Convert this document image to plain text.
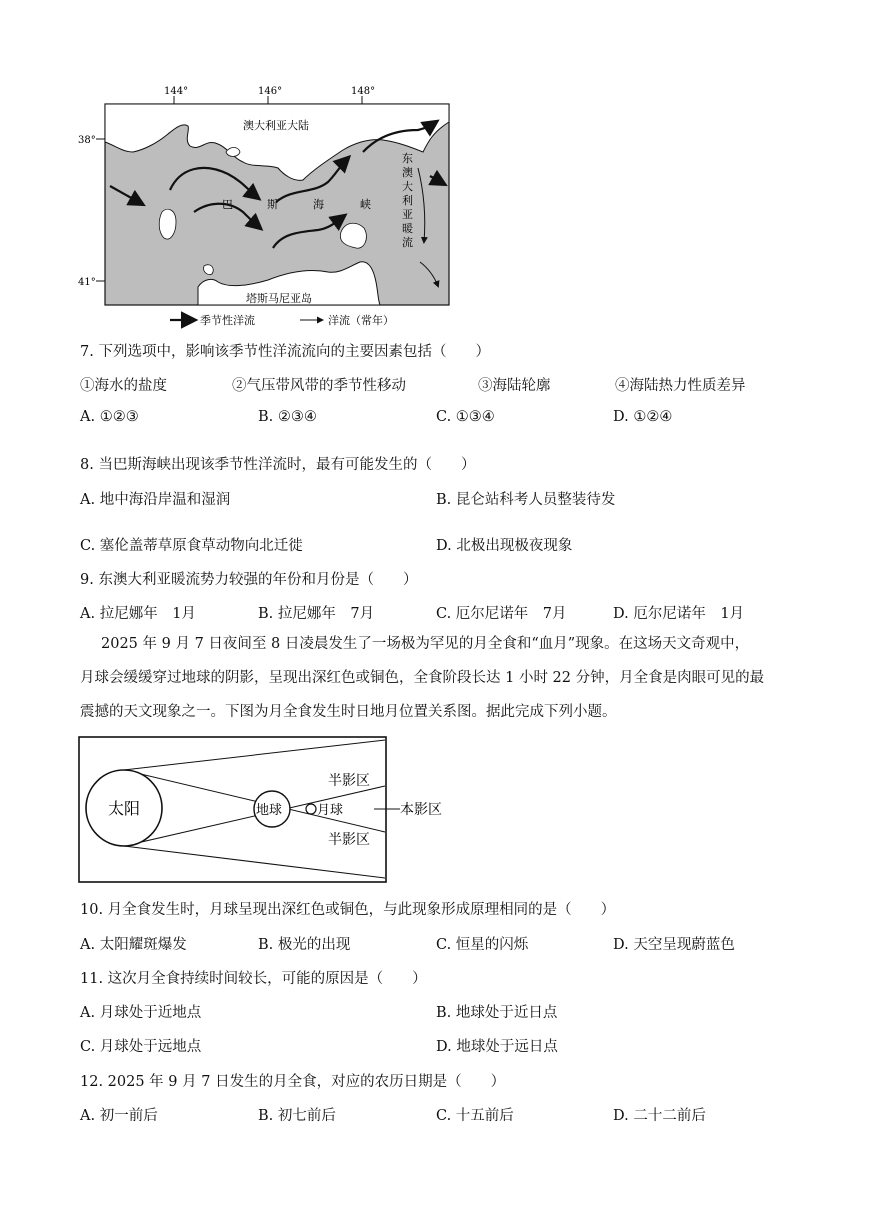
144°	146°	148°
38°
41°
澳大利亚大陆
巴	斯	海	峡
东
澳
大
利
亚
暖
流
塔斯马尼亚岛
季节性洋流	洋流（常年）
7. 下列选项中，影响该季节性洋流流向的主要因素包括（　　）
①海水的盐度	②气压带风带的季节性移动	③海陆轮廓	④海陆热力性质差异
A. ①②③	B. ②③④	C. ①③④	D. ①②④
8. 当巴斯海峡出现该季节性洋流时，最有可能发生的（　　）
A. 地中海沿岸温和湿润	B. 昆仑站科考人员整装待发
C. 塞伦盖蒂草原食草动物向北迁徙	D. 北极出现极夜现象
9. 东澳大利亚暖流势力较强的年份和月份是（　　）
A. 拉尼娜年　1月	B. 拉尼娜年　7月	C. 厄尔尼诺年　7月	D. 厄尔尼诺年　1月
2025 年 9 月 7 日夜间至 8 日凌晨发生了一场极为罕见的月全食和“血月”现象。在这场天文奇观中，
月球会缓缓穿过地球的阴影，呈现出深红色或铜色，全食阶段长达 1 小时 22 分钟，月全食是肉眼可见的最
震撼的天文现象之一。下图为月全食发生时日地月位置关系图。据此完成下列小题。
太阳	地球	月球
半影区
半影区
本影区
10. 月全食发生时，月球呈现出深红色或铜色，与此现象形成原理相同的是（　　）
A. 太阳耀斑爆发	B. 极光的出现	C. 恒星的闪烁	D. 天空呈现蔚蓝色
11. 这次月全食持续时间较长，可能的原因是（　　）
A. 月球处于近地点	B. 地球处于近日点
C. 月球处于远地点	D. 地球处于远日点
12. 2025 年 9 月 7 日发生的月全食，对应的农历日期是（　　）
A. 初一前后	B. 初七前后	C. 十五前后	D. 二十二前后
